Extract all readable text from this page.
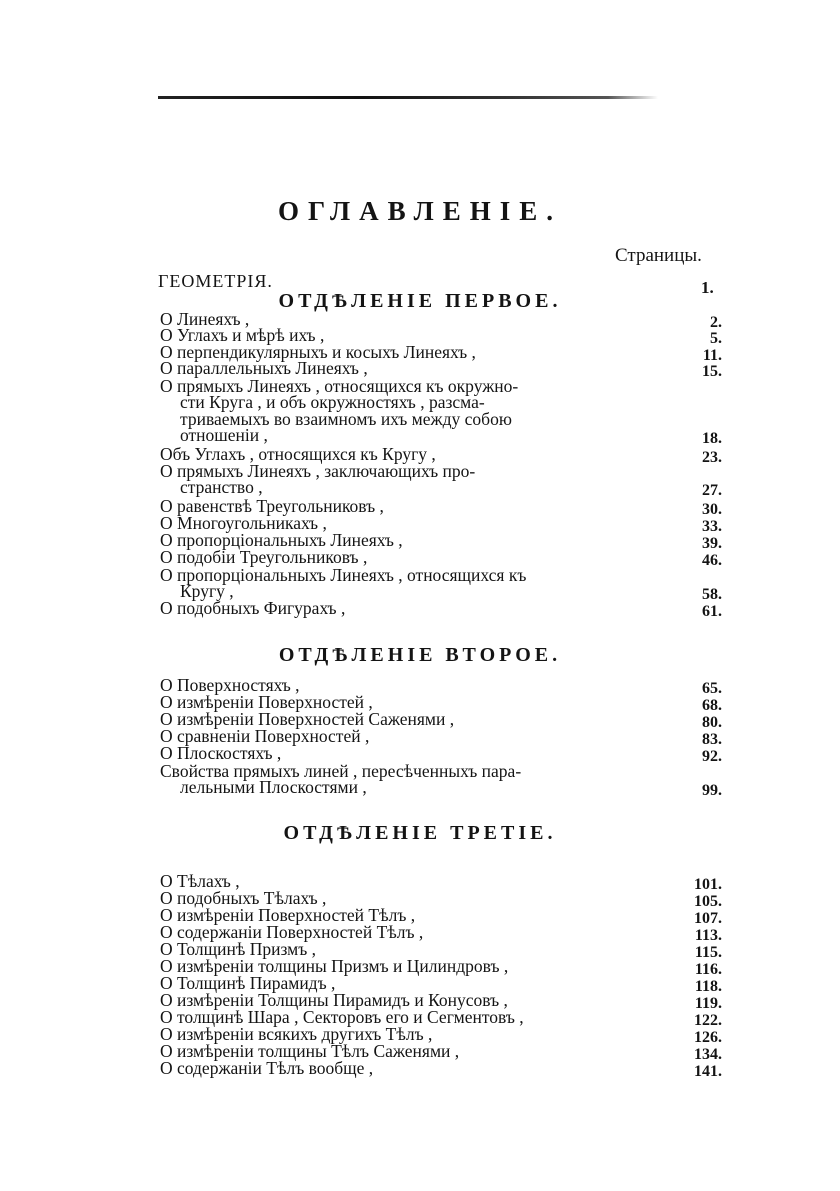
ОГЛАВЛЕНІЕ.
Страницы.
ГЕОМЕТРІЯ.	1.
ОТДѢЛЕНІЕ ПЕРВОЕ.
ОТДѢЛЕНІЕ ВТОРОЕ.
ОТДѢЛЕНІЕ ТРЕТІЕ.
О Линеяхъ ,	2.
О Углахъ и мѣрѣ ихъ ,	5.
О перпендикулярныхъ и косыхъ Линеяхъ ,	11.
О параллельныхъ Линеяхъ ,	15.
О прямыхъ Линеяхъ , относящихся къ окружно-
сти Круга , и объ окружностяхъ , разсма-
триваемыхъ во взаимномъ ихъ между собою
отношеніи ,	18.
Объ Углахъ , относящихся къ Кругу ,	23.
О прямыхъ Линеяхъ , заключающихъ про-
странство ,	27.
О равенствѣ Треугольниковъ ,	30.
О Многоугольникахъ ,	33.
О пропорціональныхъ Линеяхъ ,	39.
О подобіи Треугольниковъ ,	46.
О пропорціональныхъ Линеяхъ , относящихся къ
Кругу ,	58.
О подобныхъ Фигурахъ ,	61.
О Поверхностяхъ ,	65.
О измѣреніи Поверхностей ,	68.
О измѣреніи Поверхностей Саженями ,	80.
О сравненіи Поверхностей ,	83.
О Плоскостяхъ ,	92.
Свойства прямыхъ линей , пересѣченныхъ пара-
лельными Плоскостями ,	99.
О Тѣлахъ ,	101.
О подобныхъ Тѣлахъ ,	105.
О измѣреніи Поверхностей Тѣлъ ,	107.
О содержаніи Поверхностей Тѣлъ ,	113.
О Толщинѣ Призмъ ,	115.
О измѣреніи толщины Призмъ и Цилиндровъ ,	116.
О Толщинѣ Пирамидъ ,	118.
О измѣреніи Толщины Пирамидъ и Конусовъ ,	119.
О толщинѣ Шара , Секторовъ его и Сегментовъ ,	122.
О измѣреніи всякихъ другихъ Тѣлъ ,	126.
О измѣреніи толщины Тѣлъ Саженями ,	134.
О содержаніи Тѣлъ вообще ,	141.
